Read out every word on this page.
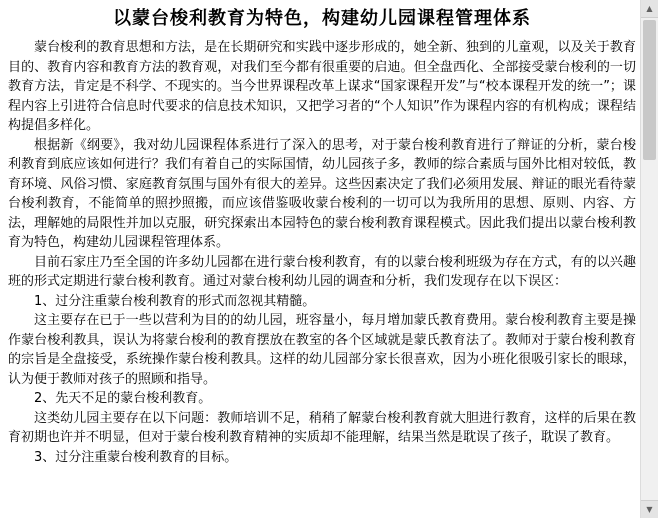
以蒙台梭利教育为特色，构建幼儿园课程管理体系

蒙台梭利的教育思想和方法，是在长期研究和实践中逐步形成的，她全新、独到的儿童观，以及关于教育目的、教育内容和教育方法的教育观，对我们至今都有很重要的启迪。但全盘西化、全部接受蒙台梭利的一切教育方法，肯定是不科学、不现实的。当今世界课程改革上谋求“国家课程开发”与“校本课程开发的统一”；课程内容上引进符合信息时代要求的信息技术知识，又把学习者的“个人知识”作为课程内容的有机构成；课程结构提倡多样化。

根据新《纲要》，我对幼儿园课程体系进行了深入的思考，对于蒙台梭利教育进行了辩证的分析，蒙台梭利教育到底应该如何进行？我们有着自己的实际国情，幼儿园孩子多，教师的综合素质与国外比相对较低，教育环境、风俗习惯、家庭教育氛围与国外有很大的差异。这些因素决定了我们必须用发展、辩证的眼光看待蒙台梭利教育，不能简单的照抄照搬，而应该借鉴吸收蒙台梭利的一切可以为我所用的思想、原则、内容、方法，理解她的局限性并加以克服，研究探索出本园特色的蒙台梭利教育课程模式。因此我们提出以蒙台梭利教育为特色，构建幼儿园课程管理体系。

目前石家庄乃至全国的许多幼儿园都在进行蒙台梭利教育，有的以蒙台梭利班级为存在方式，有的以兴趣班的形式定期进行蒙台梭利教育。通过对蒙台梭利幼儿园的调查和分析，我们发现存在以下误区：

1、过分注重蒙台梭利教育的形式而忽视其精髓。

这主要存在已于一些以营利为目的的幼儿园，班容量小，每月增加蒙氏教育费用。蒙台梭利教育主要是操作蒙台梭利教具，误认为将蒙台梭利的教育摆放在教室的各个区域就是蒙氏教育法了。教师对于蒙台梭利教育的宗旨是全盘接受，系统操作蒙台梭利教具。这样的幼儿园部分家长很喜欢，因为小班化很吸引家长的眼球，认为便于教师对孩子的照顾和指导。

2、先天不足的蒙台梭利教育。

这类幼儿园主要存在以下问题：教师培训不足，稍稍了解蒙台梭利教育就大胆进行教育，这样的后果在教育初期也许并不明显，但对于蒙台梭利教育精神的实质却不能理解，结果当然是耽误了孩子，耽误了教育。

3、过分注重蒙台梭利教育的目标。

▲
▼
